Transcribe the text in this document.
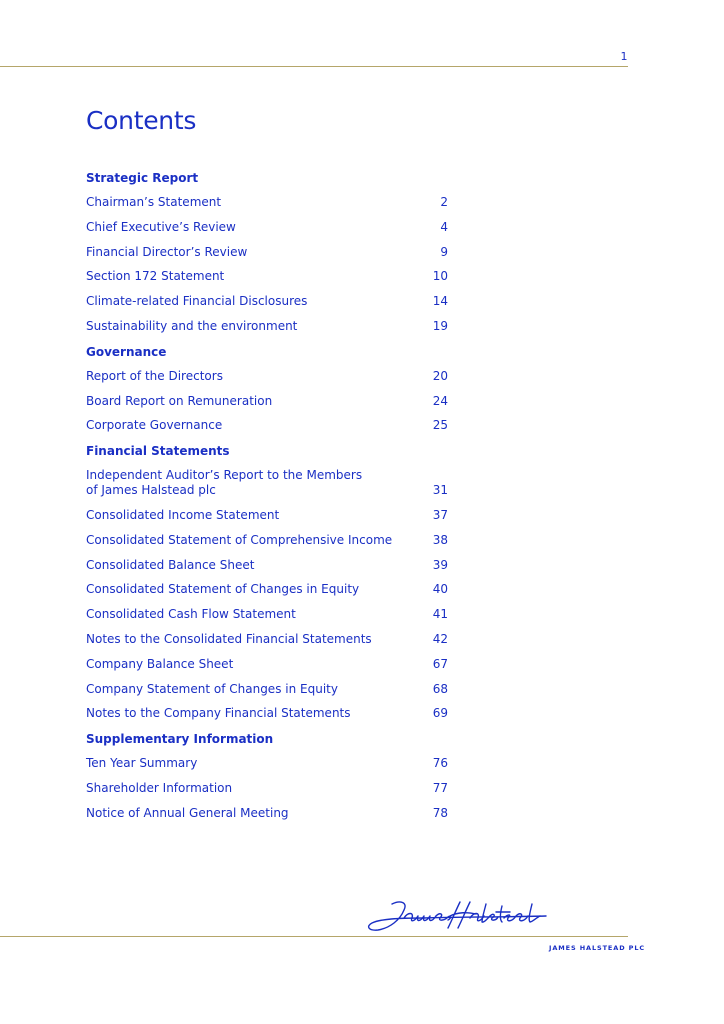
1
Contents
Strategic Report
Chairman’s Statement	2
Chief Executive’s Review	4
Financial Director’s Review	9
Section 172 Statement	10
Climate-related Financial Disclosures	14
Sustainability and the environment	19
Governance
Report of the Directors	20
Board Report on Remuneration	24
Corporate Governance	25
Financial Statements
Independent Auditor’s Report to the Members
of James Halstead plc	31
Consolidated Income Statement	37
Consolidated Statement of Comprehensive Income	38
Consolidated Balance Sheet	39
Consolidated Statement of Changes in Equity	40
Consolidated Cash Flow Statement	41
Notes to the Consolidated Financial Statements	42
Company Balance Sheet	67
Company Statement of Changes in Equity	68
Notes to the Company Financial Statements	69
Supplementary Information
Ten Year Summary	76
Shareholder Information	77
Notice of Annual General Meeting	78
JAMES HALSTEAD PLC
